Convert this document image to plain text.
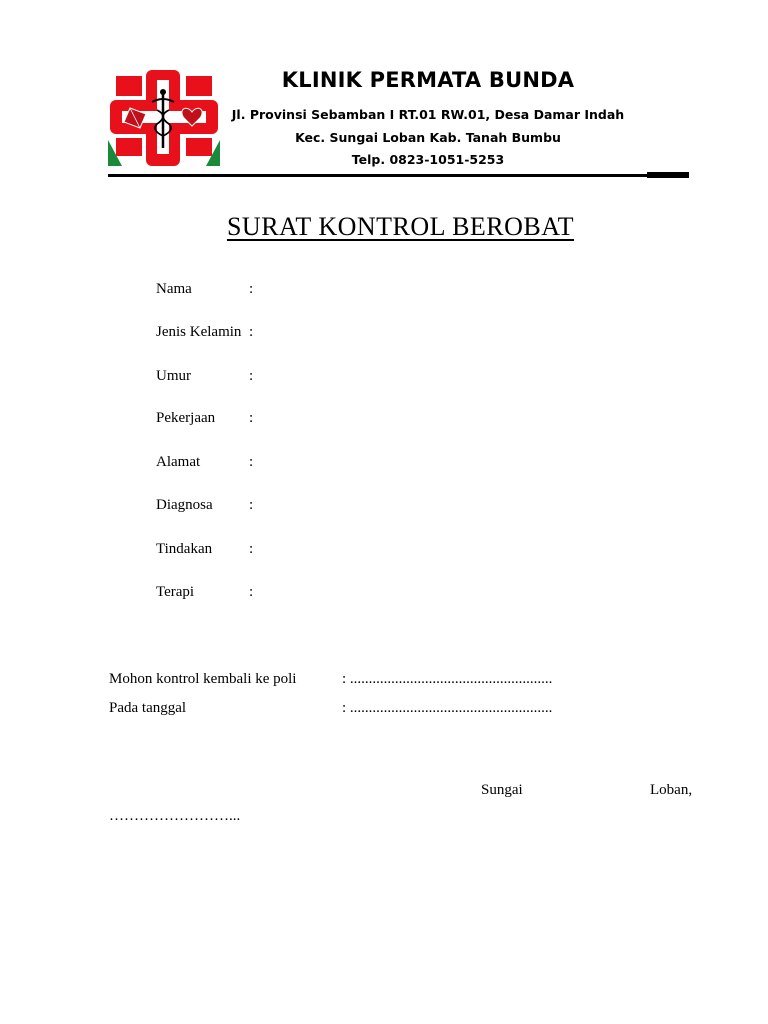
KLINIK PERMATA BUNDA
Jl. Provinsi Sebamban I RT.01 RW.01, Desa Damar Indah
Kec. Sungai Loban Kab. Tanah Bumbu
Telp. 0823-1051-5253
SURAT KONTROL BEROBAT
Nama	:
Jenis Kelamin :
Umur	:
Pekerjaan	:
Alamat	:
Diagnosa	:
Tindakan	:
Terapi	:
Mohon kontrol kembali ke poli	: ......................................................
Pada tanggal	: ......................................................
Sungai	Loban,
……………………...
